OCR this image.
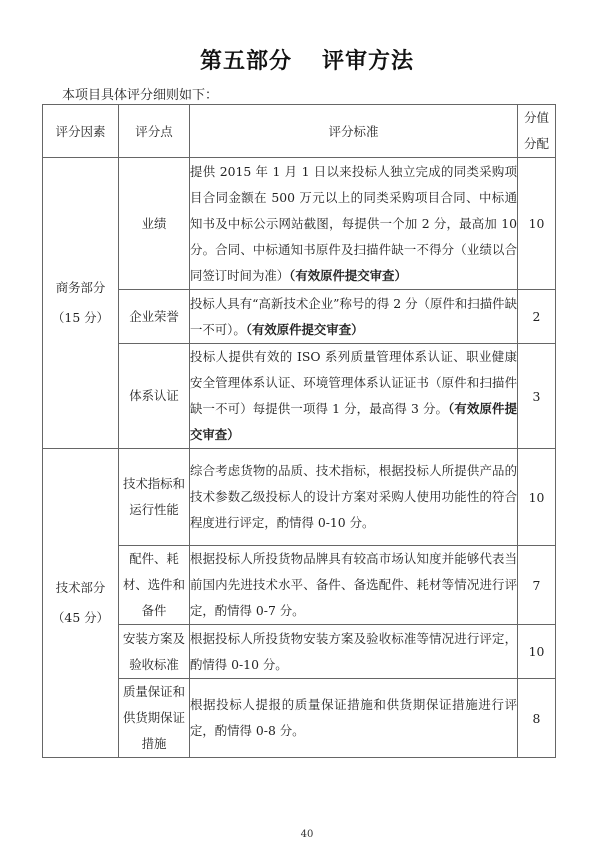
第五部分 评审方法
本项目具体评分细则如下：
评分因素	评分点	评分标准	分值
分配

商务部分
（15 分）	业绩	提供 2015 年 1 月 1 日以来投标人独立完成的同类采购项目合同金额在 500 万元以上的同类采购项目合同、中标通知书及中标公示网站截图，每提供一个加 2 分，最高加 10 分。合同、中标通知书原件及扫描件缺一不得分（业绩以合同签订时间为准）（有效原件提交审查）	10
	企业荣誉	投标人具有“高新技术企业”称号的得 2 分（原件和扫描件缺一不可）。（有效原件提交审查）	2
	体系认证	投标人提供有效的 ISO 系列质量管理体系认证、职业健康安全管理体系认证、环境管理体系认证证书（原件和扫描件缺一不可）每提供一项得 1 分，最高得 3 分。（有效原件提交审查）	3

技术部分
（45 分）	技术指标和运行性能	综合考虑货物的品质、技术指标，根据投标人所提供产品的技术参数乙级投标人的设计方案对采购人使用功能性的符合程度进行评定，酌情得 0-10 分。	10
	配件、耗材、选件和备件	根据投标人所投货物品牌具有较高市场认知度并能够代表当前国内先进技术水平、备件、备选配件、耗材等情况进行评定，酌情得 0-7 分。	7
	安装方案及验收标准	根据投标人所投货物安装方案及验收标准等情况进行评定，酌情得 0-10 分。	10
	质量保证和供货期保证措施	根据投标人提报的质量保证措施和供货期保证措施进行评定，酌情得 0-8 分。	8
40
